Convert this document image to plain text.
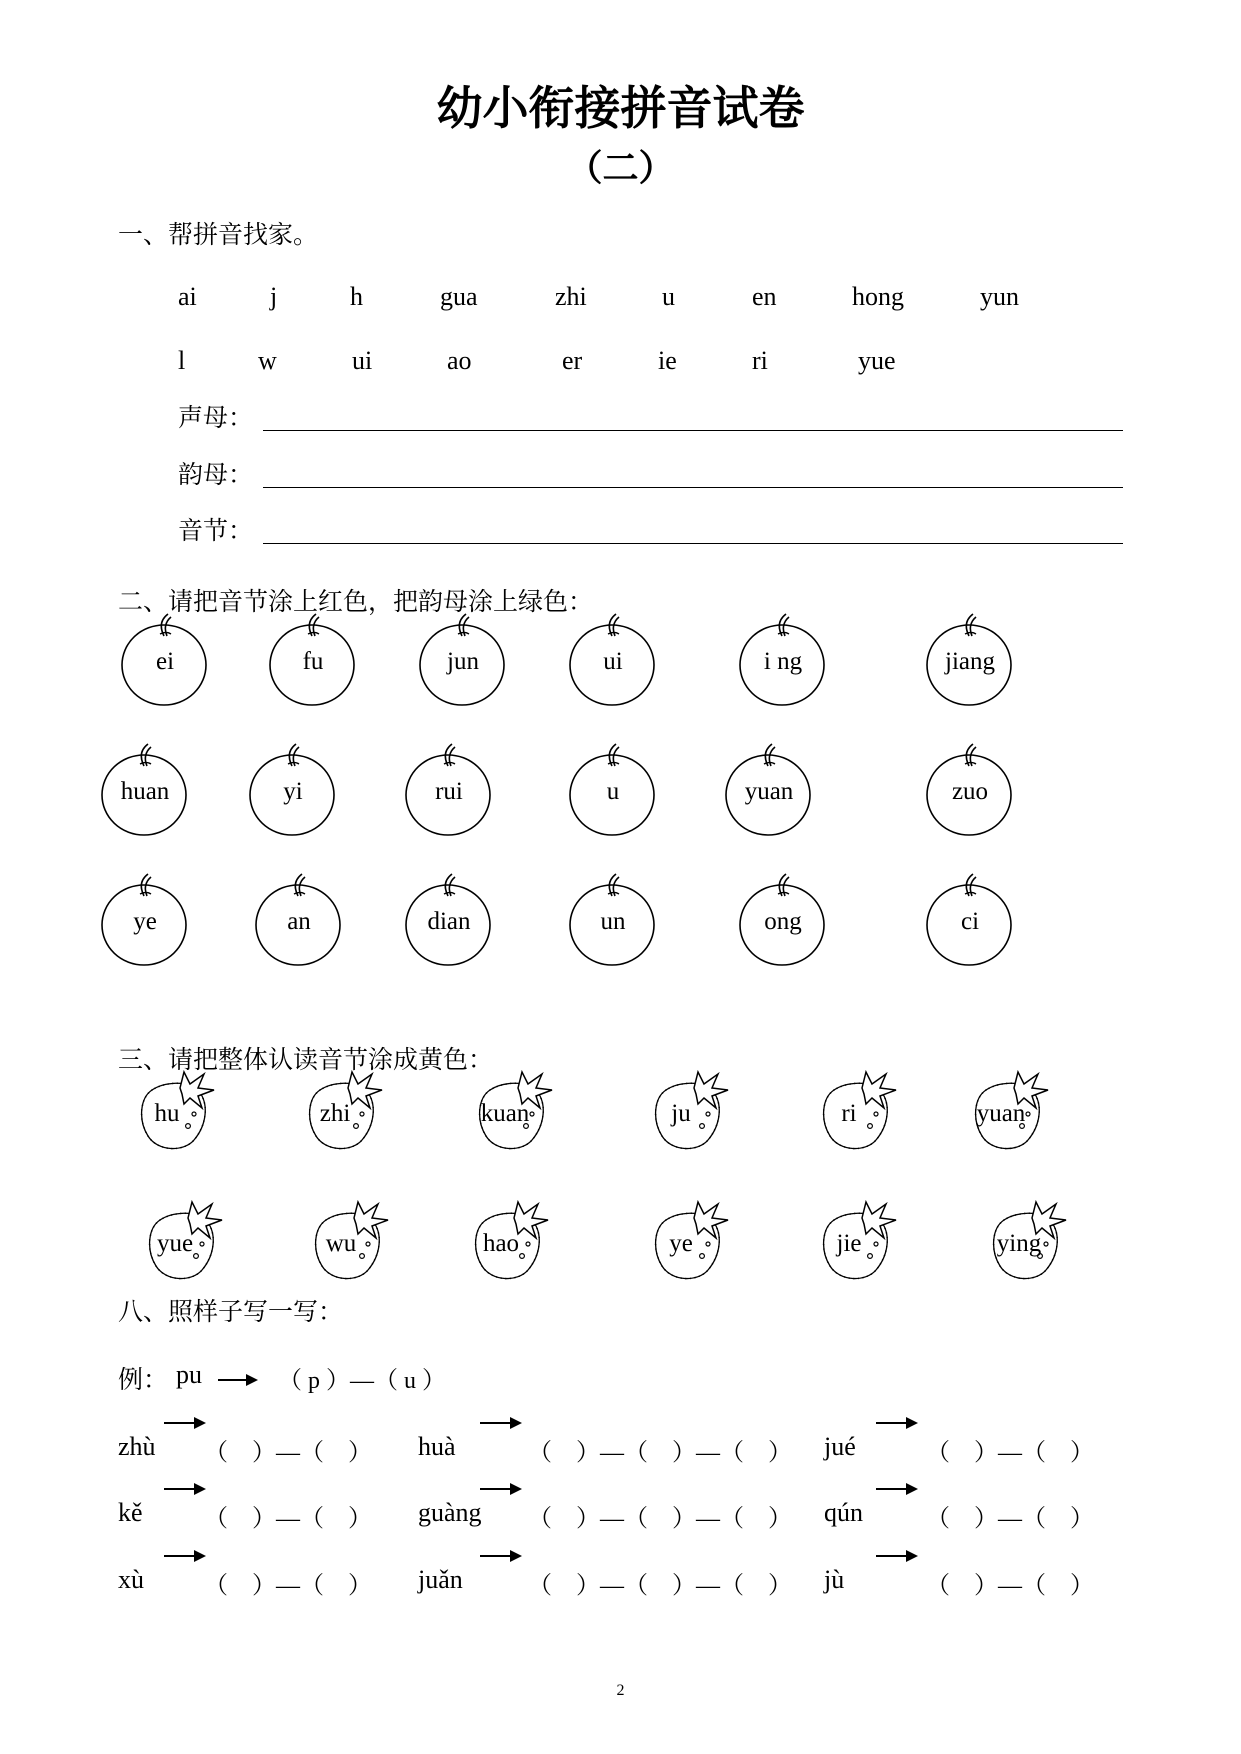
幼小衔接拼音试卷
（二）
一、帮拼音找家。
ai	j	h	gua	zhi	u	en	hong	yun
l	w	ui	ao	er	ie	ri	yue
声母：
韵母：
音节：
二、请把音节涂上红色，把韵母涂上绿色：
ei	fu	jun	ui	i ng	jiang
huan	yi	rui	u	yuan	zuo
ye	an	dian	un	ong	ci
三、请把整体认读音节涂成黄色：
hu	zhi	kuan	ju	ri	yuan
yue	wu	hao	ye	jie	ying
八、照样子写一写：
例： pu	（ p ）—（ u ）
zhù （　）—（　） huà	（　）—（　）—（　） jué	（　）—（　）
kě	（　）—（　） guàng （　）—（　）—（　） qún	（　）—（　）
xù	（　）—（　） juǎn	（　）—（　）—（　） jù	（　）—（　）
2
